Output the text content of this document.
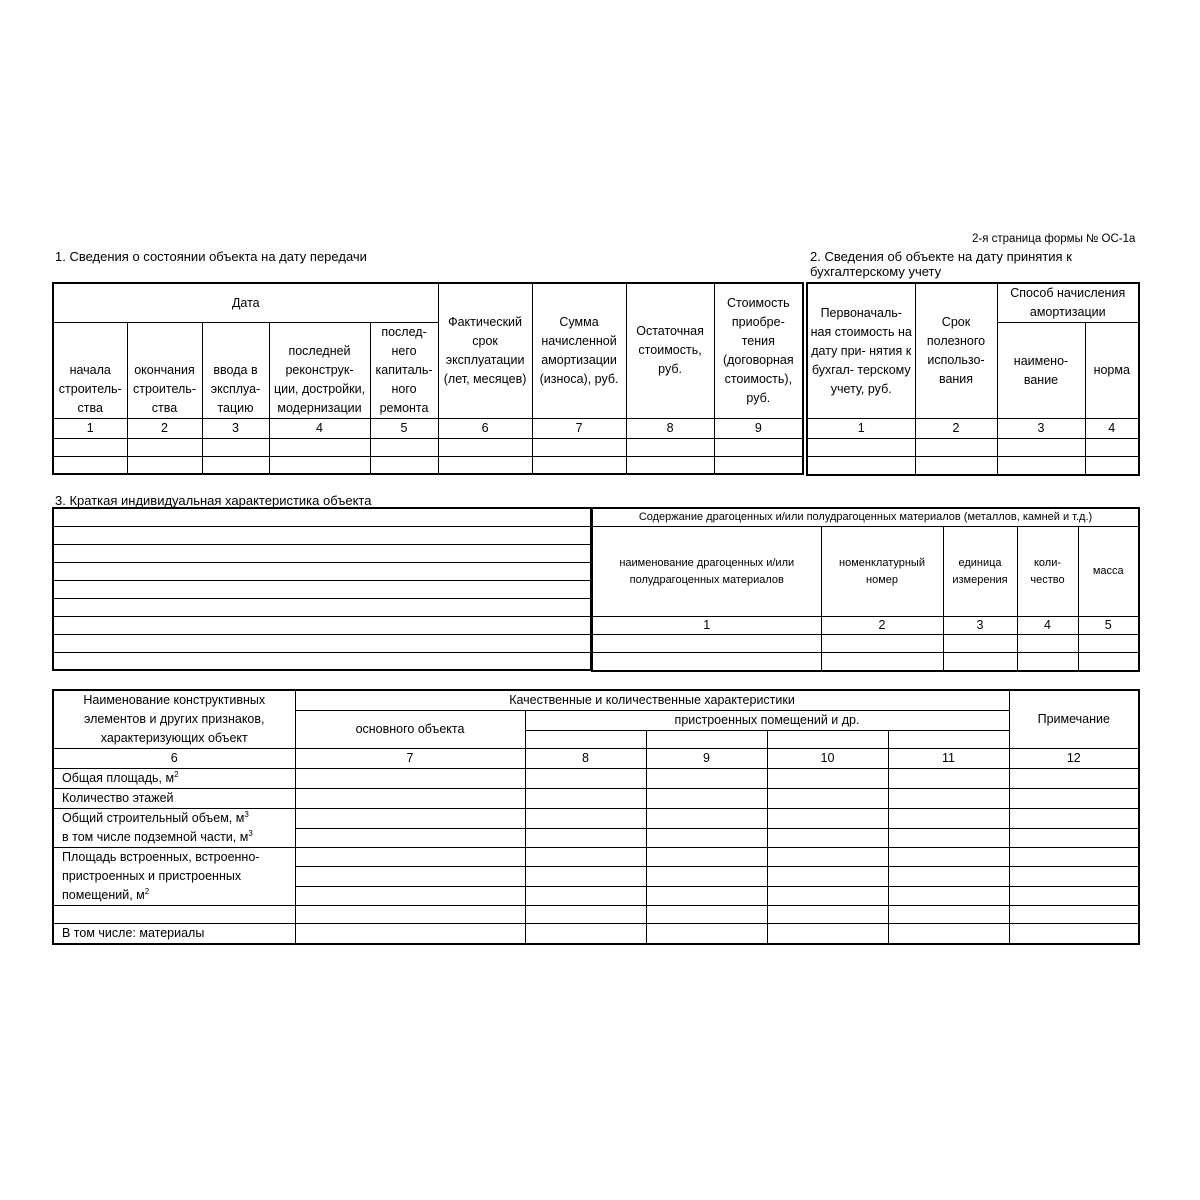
2-я страница формы № ОС-1а
1. Сведения о состоянии объекта на дату передачи	2. Сведения об объекте на дату принятия к бухгалтерскому учету
Дата					Фактический срок эксплуатации (лет, месяцев)	Сумма начисленной амортизации (износа), руб.	Остаточная стоимость, руб.	Стоимость приобре- тения (договорная стоимость), руб.
начала строитель- ства	окончания строитель- ства	ввода в эксплуа- тацию	последней реконструк- ции, достройки, модернизации	послед- него капиталь- ного ремонта				
1	2	3	4	5	6	7	8	9

Первоначаль- ная стоимость на дату при- нятия к бухгал- терскому учету, руб.	Срок полезного использо- вания	Способ начисления амортизации	
		наимено- вание	норма
1	2	3	4

3. Краткая индивидуальная характеристика объекта

Содержание драгоценных и/или полудрагоценных материалов (металлов, камней и т.д.)				
наименование драгоценных и/или полудрагоценных материалов	номенклатурный номер	единица измерения	коли- чество	масса
1	2	3	4	5

Наименование конструктивных элементов и других признаков, характеризующих объект	Качественные и количественные характеристики					Примечание
	основного объекта	пристроенных помещений и др.				

6	7	8	9	10	11	12
Общая площадь, $м^2$						
Количество этажей						
Общий строительный объем, $м^3$
в том числе подземной части, $м^3$						

Площадь встроенных, встроенно-
пристроенных и пристроенных
помещений, $м^2$						

В том числе: материалы						
